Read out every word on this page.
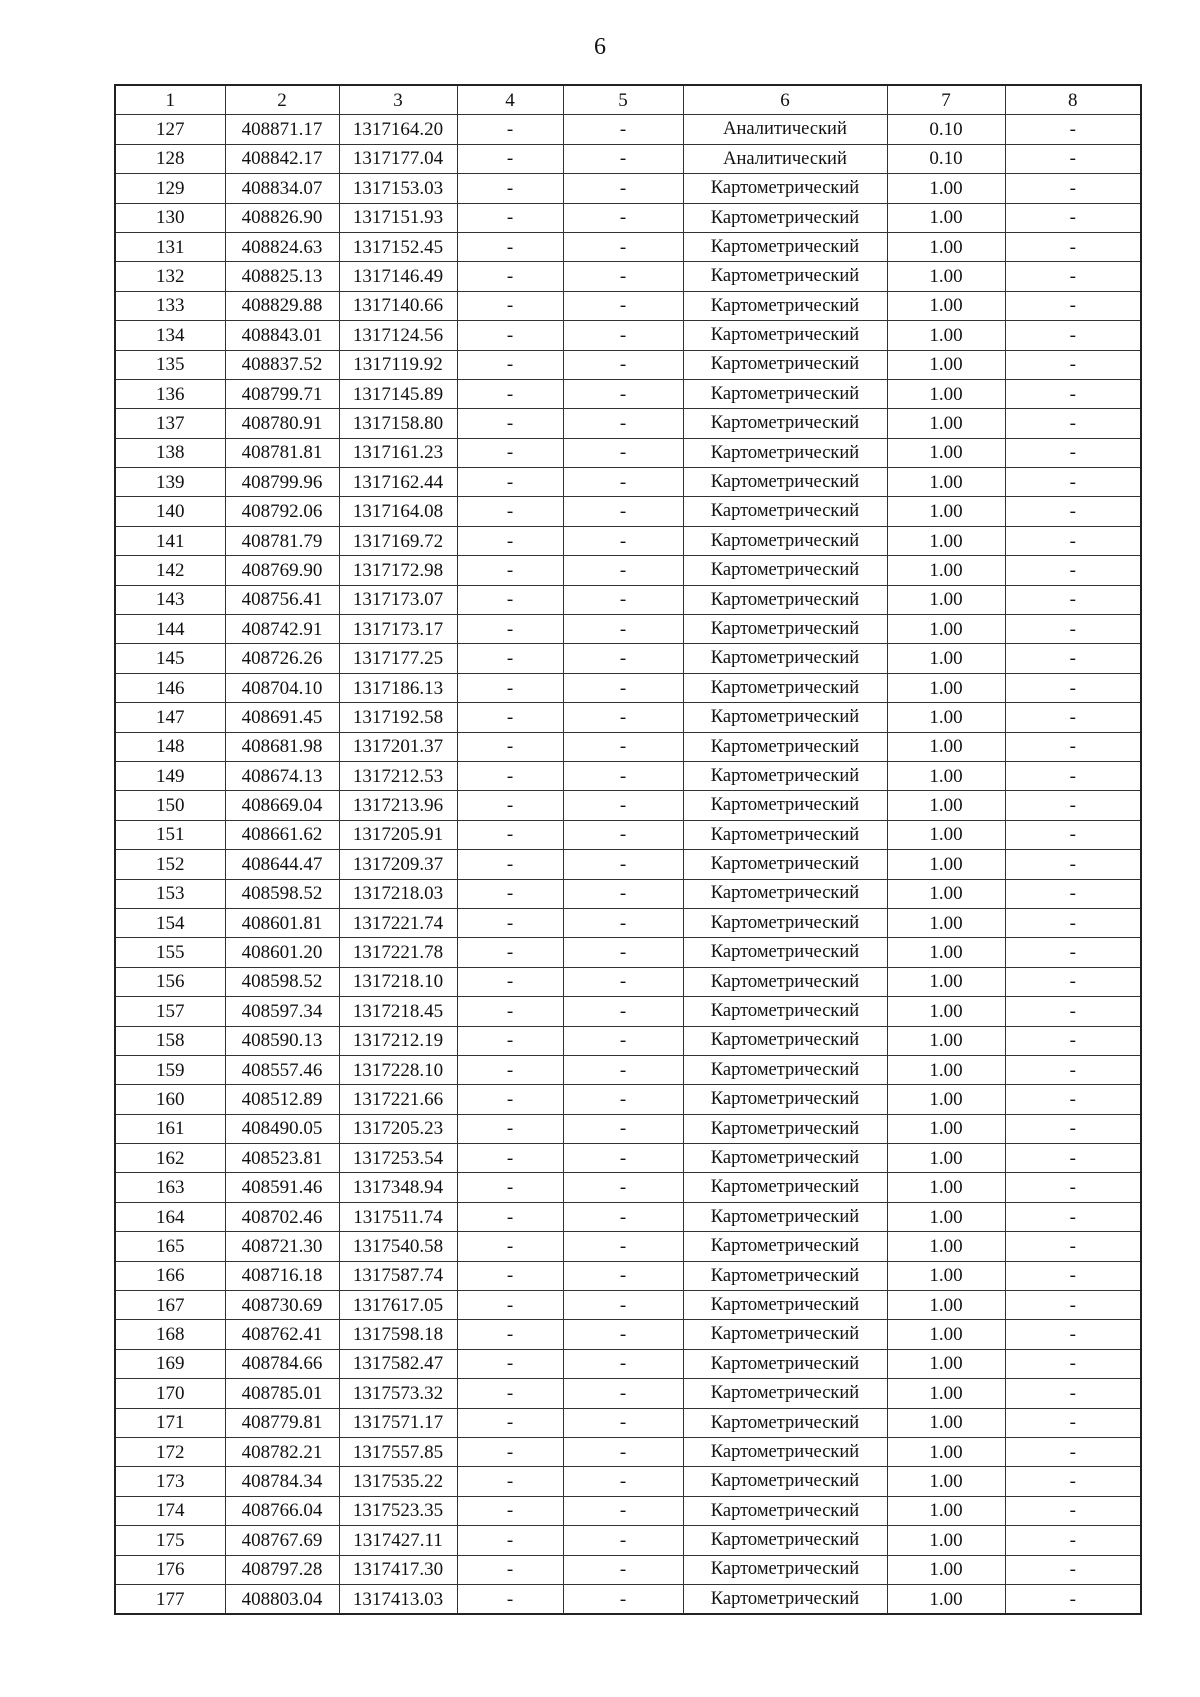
6
1	2	3	4	5	6	7	8
127	408871.17	1317164.20	-	-	Аналитический	0.10	-
128	408842.17	1317177.04	-	-	Аналитический	0.10	-
129	408834.07	1317153.03	-	-	Картометрический	1.00	-
130	408826.90	1317151.93	-	-	Картометрический	1.00	-
131	408824.63	1317152.45	-	-	Картометрический	1.00	-
132	408825.13	1317146.49	-	-	Картометрический	1.00	-
133	408829.88	1317140.66	-	-	Картометрический	1.00	-
134	408843.01	1317124.56	-	-	Картометрический	1.00	-
135	408837.52	1317119.92	-	-	Картометрический	1.00	-
136	408799.71	1317145.89	-	-	Картометрический	1.00	-
137	408780.91	1317158.80	-	-	Картометрический	1.00	-
138	408781.81	1317161.23	-	-	Картометрический	1.00	-
139	408799.96	1317162.44	-	-	Картометрический	1.00	-
140	408792.06	1317164.08	-	-	Картометрический	1.00	-
141	408781.79	1317169.72	-	-	Картометрический	1.00	-
142	408769.90	1317172.98	-	-	Картометрический	1.00	-
143	408756.41	1317173.07	-	-	Картометрический	1.00	-
144	408742.91	1317173.17	-	-	Картометрический	1.00	-
145	408726.26	1317177.25	-	-	Картометрический	1.00	-
146	408704.10	1317186.13	-	-	Картометрический	1.00	-
147	408691.45	1317192.58	-	-	Картометрический	1.00	-
148	408681.98	1317201.37	-	-	Картометрический	1.00	-
149	408674.13	1317212.53	-	-	Картометрический	1.00	-
150	408669.04	1317213.96	-	-	Картометрический	1.00	-
151	408661.62	1317205.91	-	-	Картометрический	1.00	-
152	408644.47	1317209.37	-	-	Картометрический	1.00	-
153	408598.52	1317218.03	-	-	Картометрический	1.00	-
154	408601.81	1317221.74	-	-	Картометрический	1.00	-
155	408601.20	1317221.78	-	-	Картометрический	1.00	-
156	408598.52	1317218.10	-	-	Картометрический	1.00	-
157	408597.34	1317218.45	-	-	Картометрический	1.00	-
158	408590.13	1317212.19	-	-	Картометрический	1.00	-
159	408557.46	1317228.10	-	-	Картометрический	1.00	-
160	408512.89	1317221.66	-	-	Картометрический	1.00	-
161	408490.05	1317205.23	-	-	Картометрический	1.00	-
162	408523.81	1317253.54	-	-	Картометрический	1.00	-
163	408591.46	1317348.94	-	-	Картометрический	1.00	-
164	408702.46	1317511.74	-	-	Картометрический	1.00	-
165	408721.30	1317540.58	-	-	Картометрический	1.00	-
166	408716.18	1317587.74	-	-	Картометрический	1.00	-
167	408730.69	1317617.05	-	-	Картометрический	1.00	-
168	408762.41	1317598.18	-	-	Картометрический	1.00	-
169	408784.66	1317582.47	-	-	Картометрический	1.00	-
170	408785.01	1317573.32	-	-	Картометрический	1.00	-
171	408779.81	1317571.17	-	-	Картометрический	1.00	-
172	408782.21	1317557.85	-	-	Картометрический	1.00	-
173	408784.34	1317535.22	-	-	Картометрический	1.00	-
174	408766.04	1317523.35	-	-	Картометрический	1.00	-
175	408767.69	1317427.11	-	-	Картометрический	1.00	-
176	408797.28	1317417.30	-	-	Картометрический	1.00	-
177	408803.04	1317413.03	-	-	Картометрический	1.00	-
